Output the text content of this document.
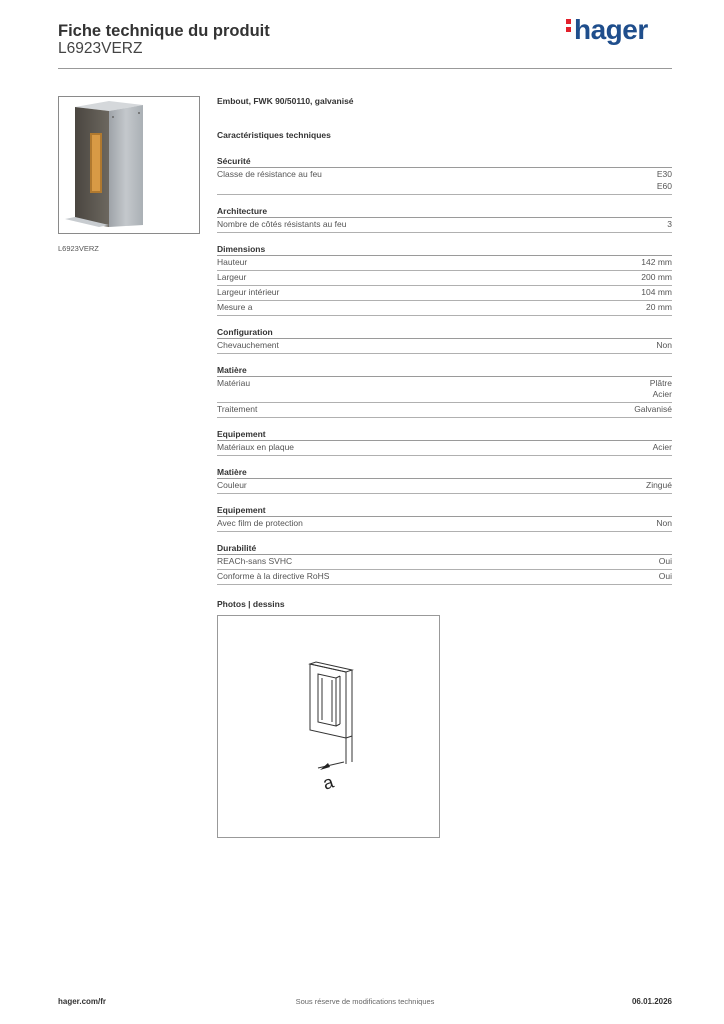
Fiche technique du produit
L6923VERZ
hager
L6923VERZ
Embout, FWK 90/50110, galvanisé
Caractéristiques techniques
Sécurité
Classe de résistance au feu	E30
E60
Architecture
Nombre de côtés résistants au feu	3
Dimensions
Hauteur	142 mm
Largeur	200 mm
Largeur intérieur	104 mm
Mesure a	20 mm
Configuration
Chevauchement	Non
Matière
Matériau	Plâtre
Acier
Traitement	Galvanisé
Equipement
Matériaux en plaque	Acier
Matière
Couleur	Zingué
Equipement
Avec film de protection	Non
Durabilité
REACh-sans SVHC	Oui
Conforme à la directive RoHS	Oui
Photos | dessins
a
hager.com/fr	Sous réserve de modifications techniques	06.01.2026
